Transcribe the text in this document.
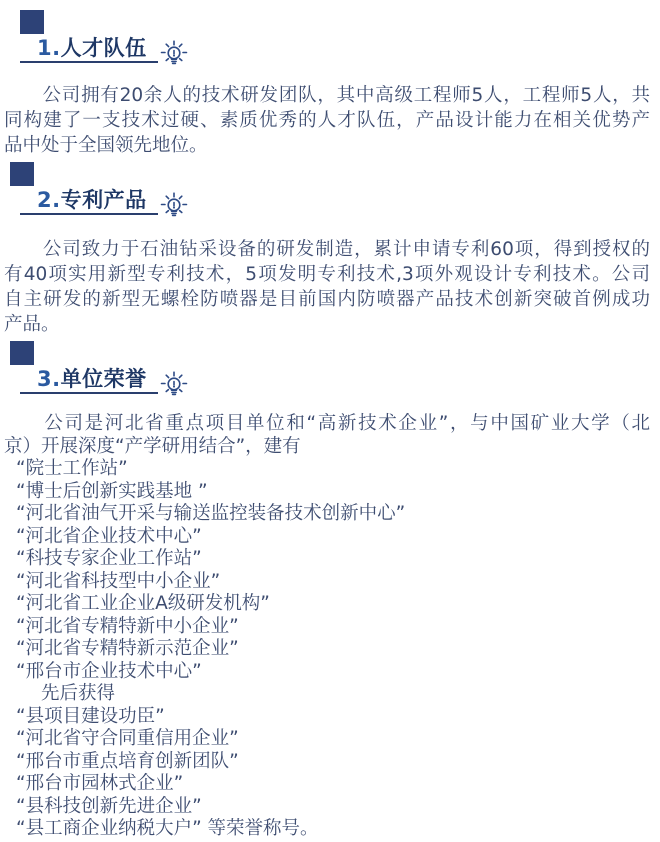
1.人才队伍
　　公司拥有20余人的技术研发团队，其中高级工程师5人，工程师5人，共
同构建了一支技术过硬、素质优秀的人才队伍，产品设计能力在相关优势产
品中处于全国领先地位。
2.专利产品
　　公司致力于石油钻采设备的研发制造，累计申请专利60项，得到授权的
有40项实用新型专利技术，5项发明专利技术,3项外观设计专利技术。公司
自主研发的新型无螺栓防喷器是目前国内防喷器产品技术创新突破首例成功
产品。
3.单位荣誉
　　公司是河北省重点项目单位和“高新技术企业”，与中国矿业大学（北
京）开展深度“产学研用结合”，建有
“院士工作站”
“博士后创新实践基地 ”
“河北省油气开采与输送监控装备技术创新中心”
“河北省企业技术中心”
“科技专家企业工作站”
“河北省科技型中小企业”
“河北省工业企业A级研发机构”
“河北省专精特新中小企业”
“河北省专精特新示范企业”
“邢台市企业技术中心”
　　先后获得
“县项目建设功臣”
“河北省守合同重信用企业”
“邢台市重点培育创新团队”
“邢台市园林式企业”
“县科技创新先进企业”
“县工商企业纳税大户” 等荣誉称号。
